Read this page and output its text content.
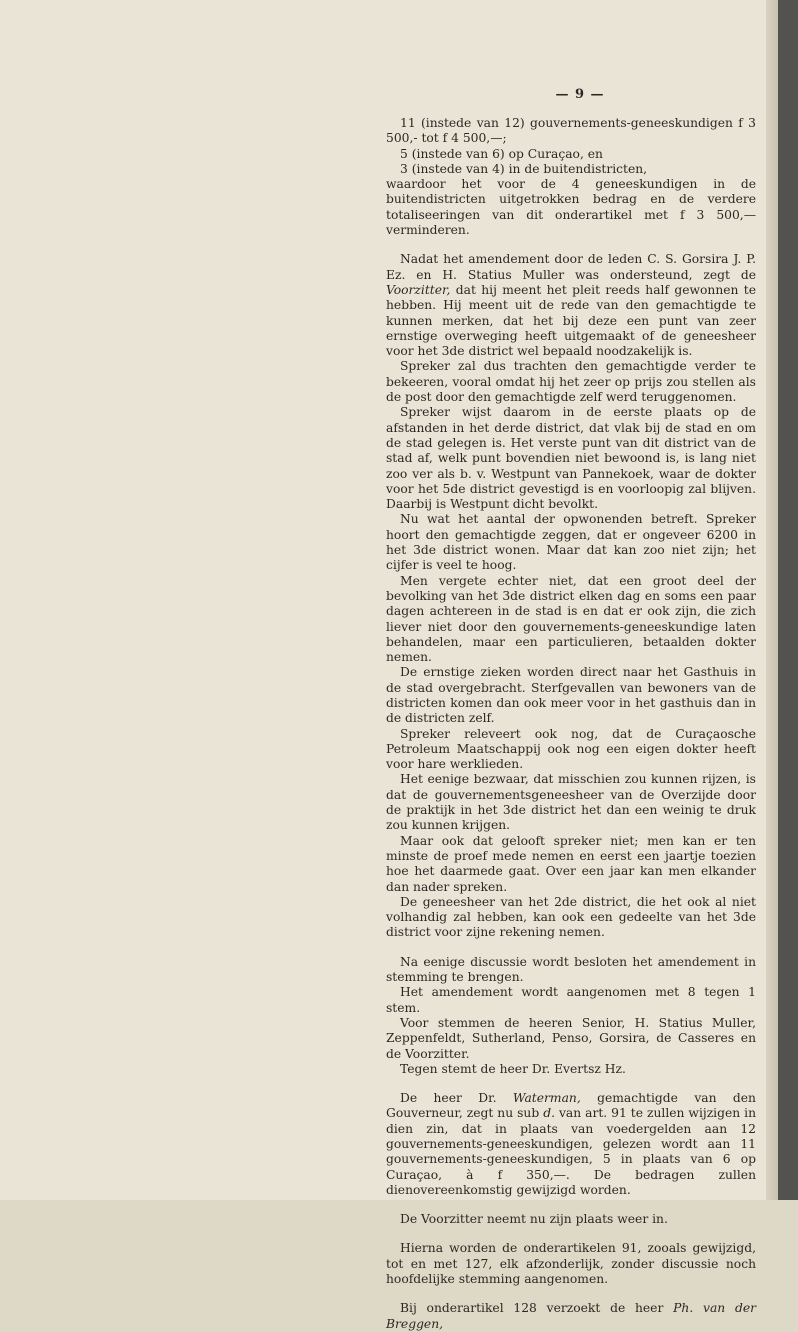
— 9 —

11 (instede van 12) gouvernements-geneeskundigen f 3 500,- tot f 4 500,—;

5 (instede van 6) op Curaçao, en

3 (instede van 4) in de buitendistricten,

waardoor het voor de 4 geneeskundigen in de buitendistricten uitgetrokken bedrag en de verdere totaliseeringen van dit onderartikel met f 3 500,— verminderen.

Nadat het amendement door de leden C. S. Gorsira J. P. Ez. en H. Statius Muller was ondersteund, zegt de Voorzitter, dat hij meent het pleit reeds half gewonnen te hebben. Hij meent uit de rede van den gemachtigde te kunnen merken, dat het bij deze een punt van zeer ernstige overweging heeft uitgemaakt of de geneesheer voor het 3de district wel bepaald noodzakelijk is.

Spreker zal dus trachten den gemachtigde verder te bekeeren, vooral omdat hij het zeer op prijs zou stellen als de post door den gemachtigde zelf werd teruggenomen.

Spreker wijst daarom in de eerste plaats op de afstanden in het derde district, dat vlak bij de stad en om de stad gelegen is. Het verste punt van dit district van de stad af, welk punt bovendien niet bewoond is, is lang niet zoo ver als b. v. Westpunt van Pannekoek, waar de dokter voor het 5de district gevestigd is en voorloopig zal blijven. Daarbij is Westpunt dicht bevolkt.

Nu wat het aantal der opwonenden betreft. Spreker hoort den gemachtigde zeggen, dat er ongeveer 6200 in het 3de district wonen. Maar dat kan zoo niet zijn; het cijfer is veel te hoog.

Men vergete echter niet, dat een groot deel der bevolking van het 3de district elken dag en soms een paar dagen achtereen in de stad is en dat er ook zijn, die zich liever niet door den gouvernements-geneeskundige laten behandelen, maar een particulieren, betaalden dokter nemen.

De ernstige zieken worden direct naar het Gasthuis in de stad overgebracht. Sterfgevallen van bewoners van de districten komen dan ook meer voor in het gasthuis dan in de districten zelf.

Spreker releveert ook nog, dat de Curaçaosche Petroleum Maatschappij ook nog een eigen dokter heeft voor hare werklieden.

Het eenige bezwaar, dat misschien zou kunnen rijzen, is dat de gouvernementsgeneesheer van de Overzijde door de praktijk in het 3de district het dan een weinig te druk zou kunnen krijgen.

Maar ook dat gelooft spreker niet; men kan er ten minste de proef mede nemen en eerst een jaartje toezien hoe het daarmede gaat. Over een jaar kan men elkander dan nader spreken.

De geneesheer van het 2de district, die het ook al niet volhandig zal hebben, kan ook een gedeelte van het 3de district voor zijne rekening nemen.

Na eenige discussie wordt besloten het amendement in stemming te brengen.

Het amendement wordt aangenomen met 8 tegen 1 stem.

Voor stemmen de heeren Senior, H. Statius Muller, Zeppenfeldt, Sutherland, Penso, Gorsira, de Casseres en de Voorzitter.

Tegen stemt de heer Dr. Evertsz Hz.

De heer Dr. Waterman, gemachtigde van den Gouverneur, zegt nu sub d. van art. 91 te zullen wijzigen in dien zin, dat in plaats van voedergelden aan 12 gouvernements-geneeskundigen, gelezen wordt aan 11 gouvernements-geneeskundigen, 5 in plaats van 6 op Curaçao, à f 350,—. De bedragen zullen dienovereenkomstig gewijzigd worden.

De Voorzitter neemt nu zijn plaats weer in.

Hierna worden de onderartikelen 91, zooals gewijzigd, tot en met 127, elk afzonderlijk, zonder discussie noch hoofdelijke stemming aangenomen.

Bij onderartikel 128 verzoekt de heer Ph. van der Breggen,
